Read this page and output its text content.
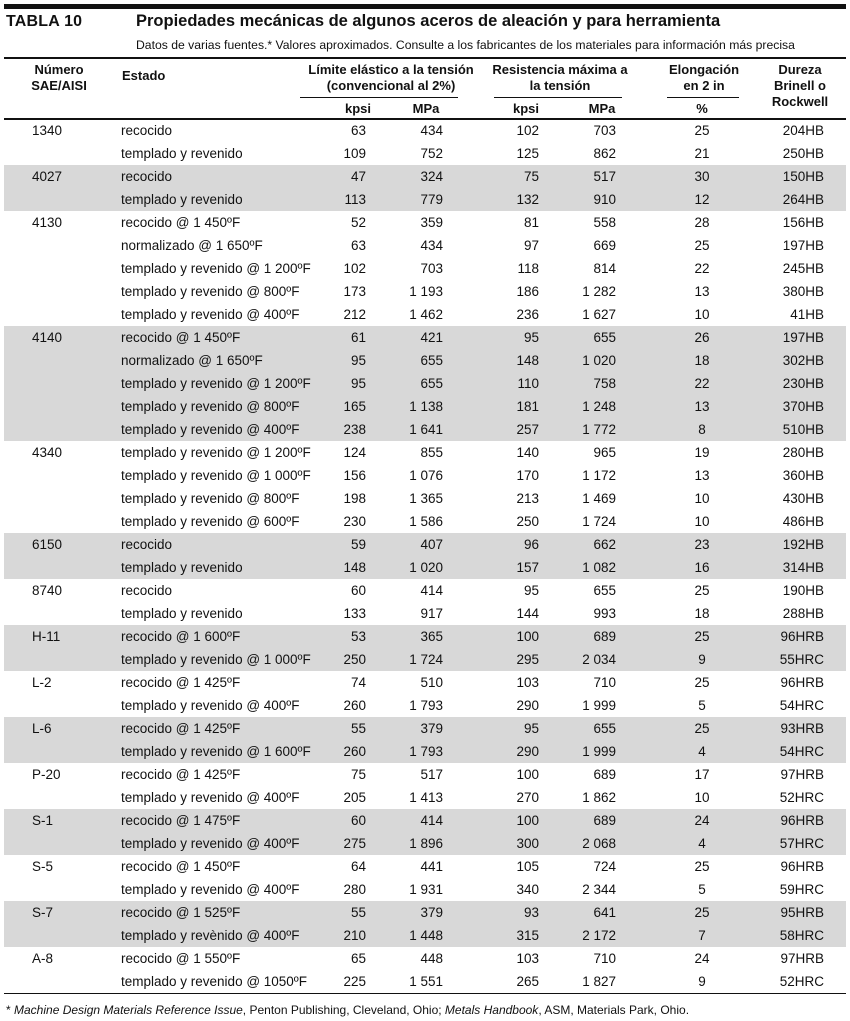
TABLA 10	Propiedades mecánicas de algunos aceros de aleación y para herramienta
Datos de varias fuentes.* Valores aproximados. Consulte a los fabricantes de los materiales para información más precisa
Número SAE/AISI
Estado	Límite elástico a la tensión (convencional al 2%)
Resistencia máxima a la tensión
Elongación en 2 in
Dureza Brinell o Rockwell
kpsi	MPa	kpsi	MPa	%
1340	recocido	63	434	102	703	25	204HB
templado y revenido	109	752	125	862	21	250HB
4027	recocido	47	324	75	517	30	150HB
templado y revenido	113	779	132	910	12	264HB
4130	recocido @ 1 450ºF	52	359	81	558	28	156HB
normalizado @ 1 650ºF	63	434	97	669	25	197HB
templado y revenido @ 1 200ºF 102	703	118	814	22	245HB
templado y revenido @ 800ºF	173	1 193	186	1 282	13	380HB
templado y revenido @ 400ºF	212	1 462	236	1 627	10	41HB
4140	recocido @ 1 450ºF	61	421	95	655	26	197HB
normalizado @ 1 650ºF	95	655	148	1 020	18	302HB
templado y revenido @ 1 200ºF	95	655	110	758	22	230HB
templado y revenido @ 800ºF	165	1 138	181	1 248	13	370HB
templado y revenido @ 400ºF	238	1 641	257	1 772	8	510HB
4340	templado y revenido @ 1 200ºF 124	855	140	965	19	280HB
templado y revenido @ 1 000ºF 156	1 076	170	1 172	13	360HB
templado y revenido @ 800ºF	198	1 365	213	1 469	10	430HB
templado y revenido @ 600ºF	230	1 586	250	1 724	10	486HB
6150	recocido	59	407	96	662	23	192HB
templado y revenido	148	1 020	157	1 082	16	314HB
8740	recocido	60	414	95	655	25	190HB
templado y revenido	133	917	144	993	18	288HB
H-11	recocido @ 1 600ºF	53	365	100	689	25	96HRB
templado y revenido @ 1 000ºF 250	1 724	295	2 034	9	55HRC
L-2	recocido @ 1 425ºF	74	510	103	710	25	96HRB
templado y revenido @ 400ºF	260	1 793	290	1 999	5	54HRC
L-6	recocido @ 1 425ºF	55	379	95	655	25	93HRB
templado y revenido @ 1 600ºF 260	1 793	290	1 999	4	54HRC
P-20	recocido @ 1 425ºF	75	517	100	689	17	97HRB
templado y revenido @ 400ºF	205	1 413	270	1 862	10	52HRC
S-1	recocido @ 1 475ºF	60	414	100	689	24	96HRB
templado y revenido @ 400ºF	275	1 896	300	2 068	4	57HRC
S-5	recocido @ 1 450ºF	64	441	105	724	25	96HRB
templado y revenido @ 400ºF	280	1 931	340	2 344	5	59HRC
S-7	recocido @ 1 525ºF	55	379	93	641	25	95HRB
templado y revènido @ 400ºF	210	1 448	315	2 172	7	58HRC
A-8	recocido @ 1 550ºF	65	448	103	710	24	97HRB
templado y revenido @ 1050ºF	225	1 551	265	1 827	9	52HRC
* Machine Design Materials Reference Issue, Penton Publishing, Cleveland, Ohio; Metals Handbook, ASM, Materials Park, Ohio.
